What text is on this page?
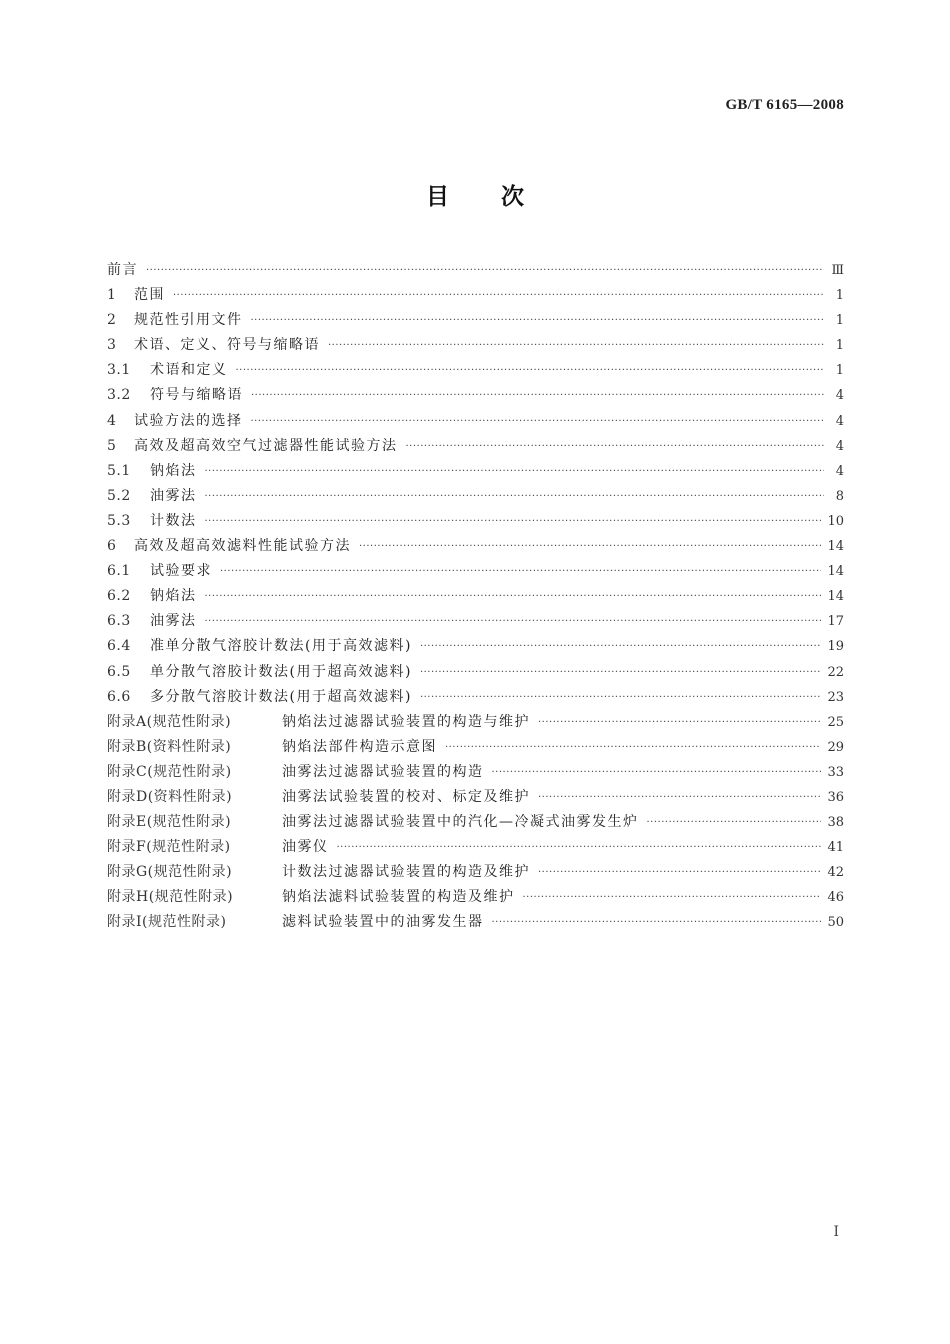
GB/T 6165—2008
目次
前言 ·····	Ⅲ
1	范围 ·····	1
2	规范性引用文件 ·····	1
3	术语、定义、符号与缩略语 ·····	1
3.1	术语和定义 ·····	1
3.2	符号与缩略语 ·····	4
4	试验方法的选择 ·····	4
5	高效及超高效空气过滤器性能试验方法 ·····	4
5.1	钠焰法 ·····	4
5.2	油雾法 ·····	8
5.3	计数法 ·····	10
6	高效及超高效滤料性能试验方法 ·····	14
6.1	试验要求 ·····	14
6.2	钠焰法 ·····	14
6.3	油雾法 ·····	17
6.4	准单分散气溶胶计数法(用于高效滤料) ·····	19
6.5	单分散气溶胶计数法(用于超高效滤料) ·····	22
6.6	多分散气溶胶计数法(用于超高效滤料) ·····	23
附录A(规范性附录)	钠焰法过滤器试验装置的构造与维护 ·····	25
附录B(资料性附录)	钠焰法部件构造示意图 ·····	29
附录C(规范性附录)	油雾法过滤器试验装置的构造 ·····	33
附录D(资料性附录)	油雾法试验装置的校对、标定及维护 ·····	36
附录E(规范性附录)	油雾法过滤器试验装置中的汽化—冷凝式油雾发生炉 ·····	38
附录F(规范性附录)	油雾仪 ·····	41
附录G(规范性附录)	计数法过滤器试验装置的构造及维护 ·····	42
附录H(规范性附录)	钠焰法滤料试验装置的构造及维护 ·····	46
附录I(规范性附录)	滤料试验装置中的油雾发生器 ·····	50
I
